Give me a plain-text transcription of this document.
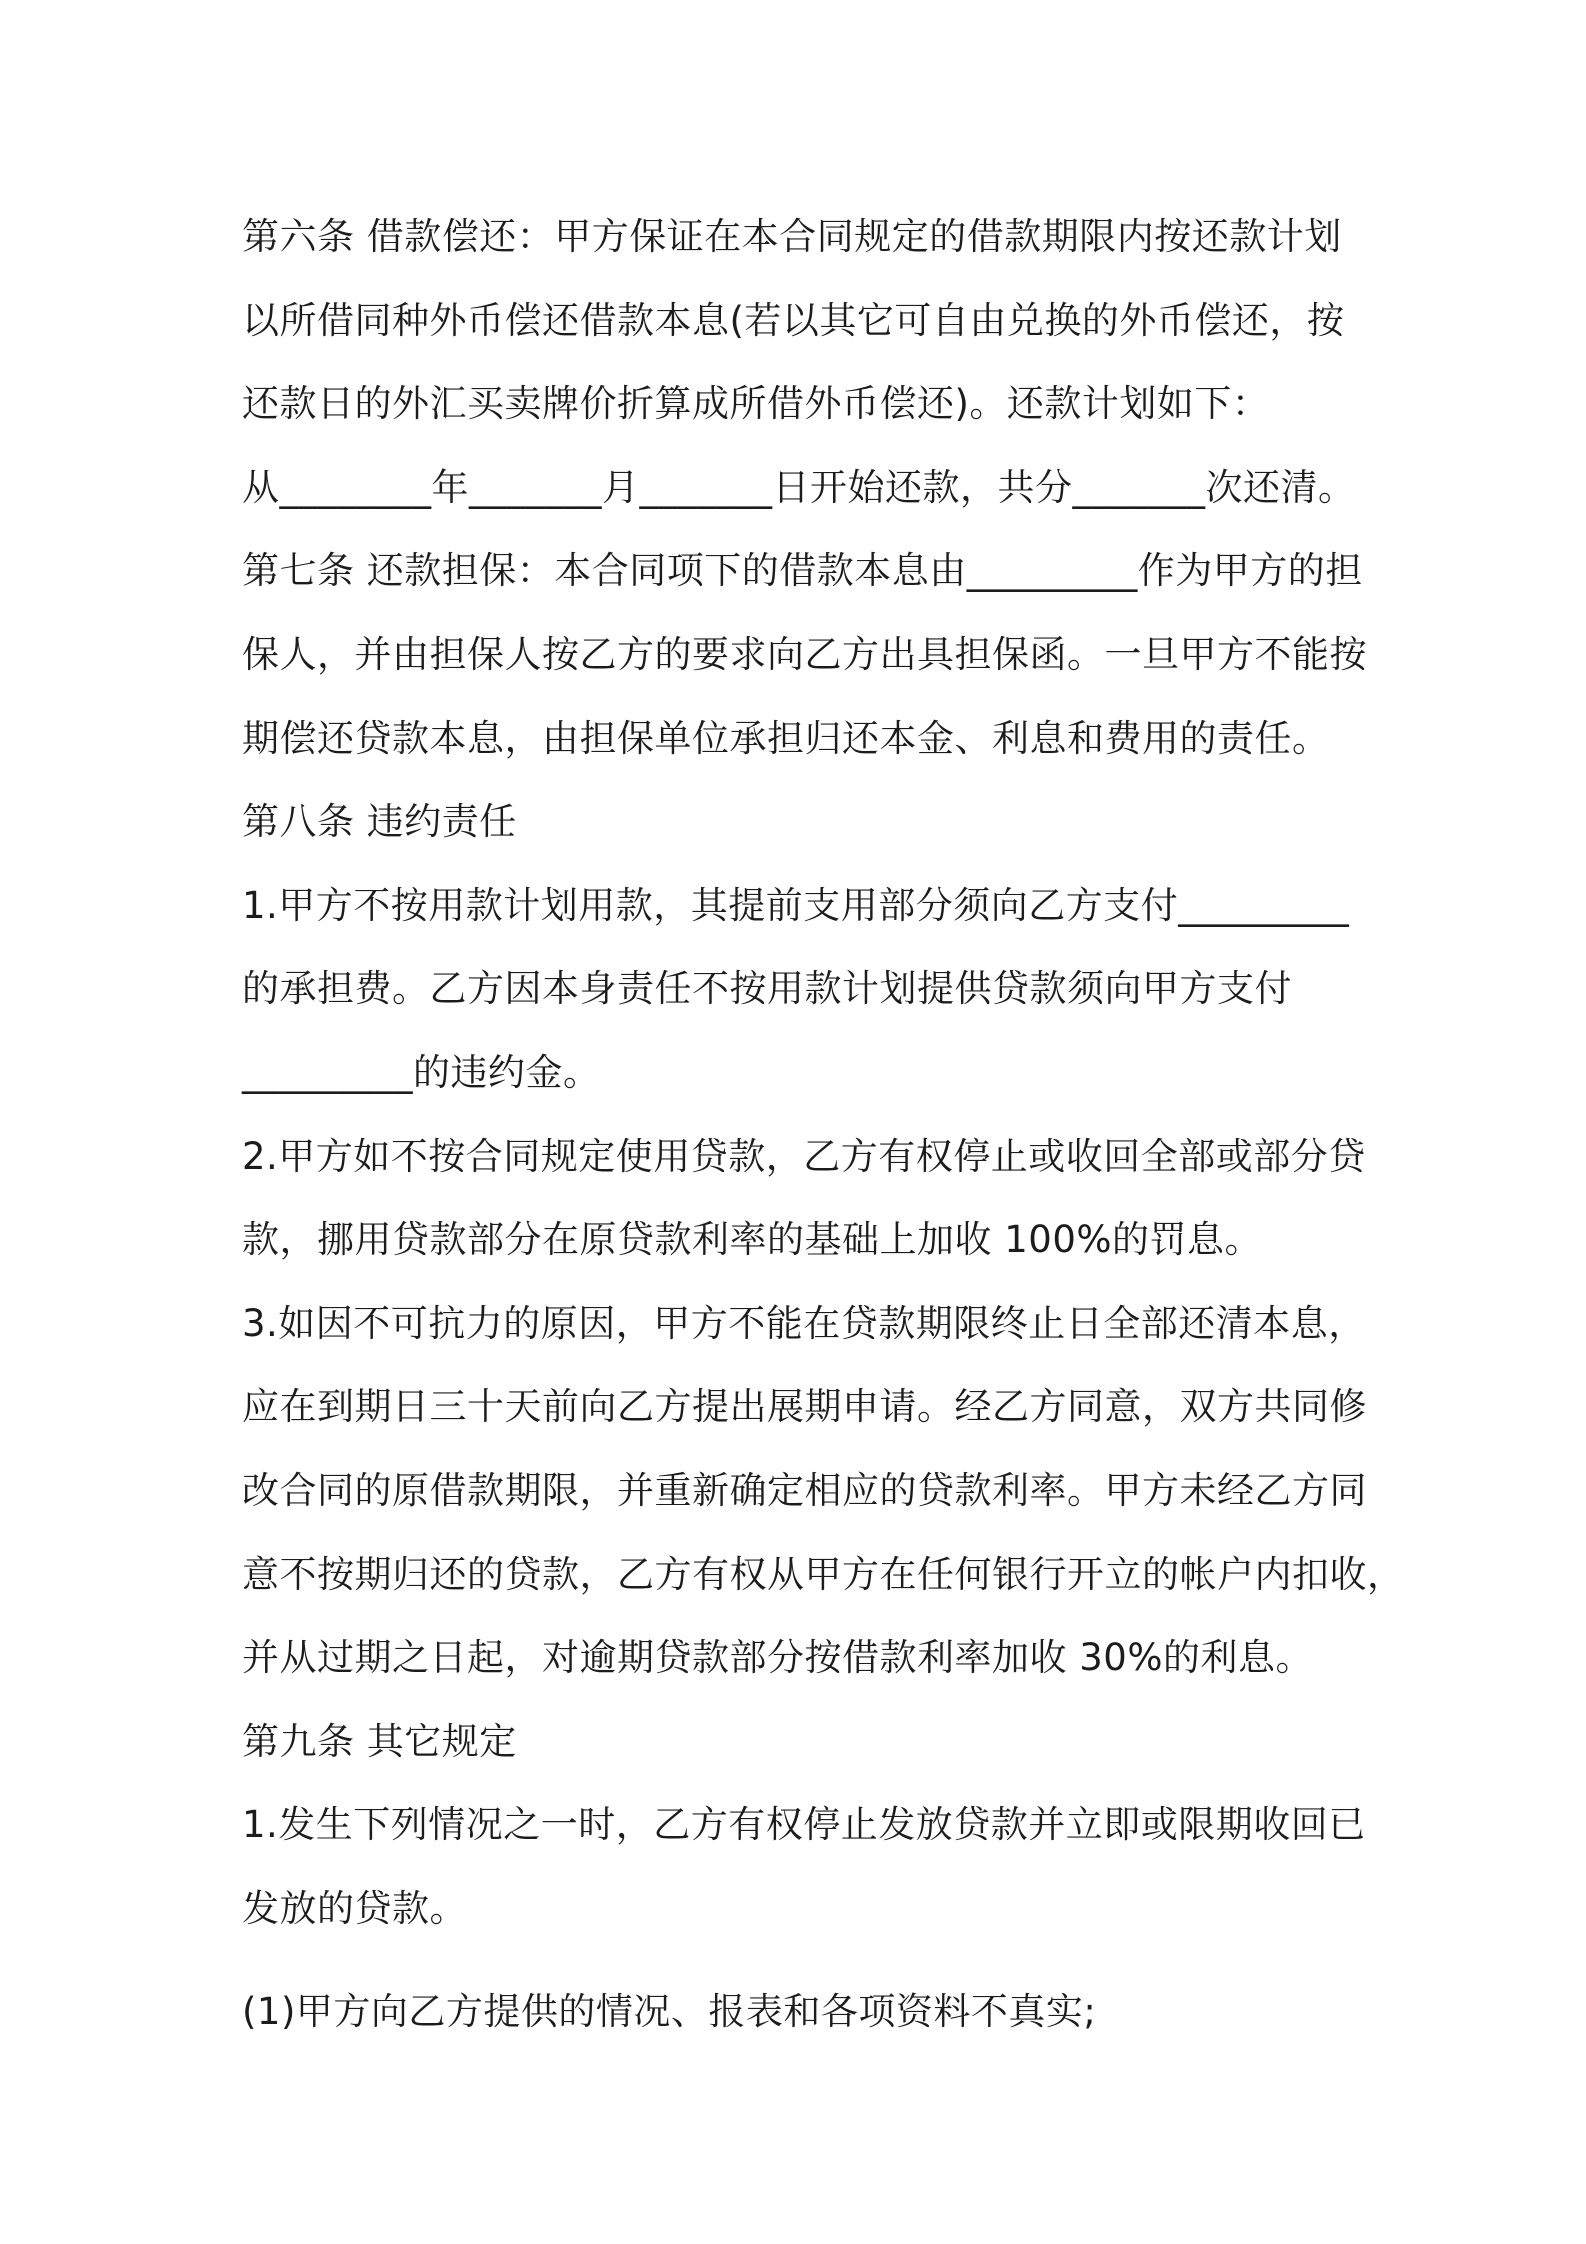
第六条 借款偿还：甲方保证在本合同规定的借款期限内按还款计划
以所借同种外币偿还借款本息(若以其它可自由兑换的外币偿还，按
还款日的外汇买卖牌价折算成所借外币偿还)。还款计划如下：
从________年_______月_______日开始还款，共分_______次还清。
第七条 还款担保：本合同项下的借款本息由_________作为甲方的担
保人，并由担保人按乙方的要求向乙方出具担保函。一旦甲方不能按
期偿还贷款本息，由担保单位承担归还本金、利息和费用的责任。
第八条 违约责任
1.甲方不按用款计划用款，其提前支用部分须向乙方支付_________
的承担费。乙方因本身责任不按用款计划提供贷款须向甲方支付
_________的违约金。
2.甲方如不按合同规定使用贷款，乙方有权停止或收回全部或部分贷
款，挪用贷款部分在原贷款利率的基础上加收 100%的罚息。
3.如因不可抗力的原因，甲方不能在贷款期限终止日全部还清本息，
应在到期日三十天前向乙方提出展期申请。经乙方同意，双方共同修
改合同的原借款期限，并重新确定相应的贷款利率。甲方未经乙方同
意不按期归还的贷款，乙方有权从甲方在任何银行开立的帐户内扣收，
并从过期之日起，对逾期贷款部分按借款利率加收 30%的利息。
第九条 其它规定
1.发生下列情况之一时，乙方有权停止发放贷款并立即或限期收回已
发放的贷款。
(1)甲方向乙方提供的情况、报表和各项资料不真实;
